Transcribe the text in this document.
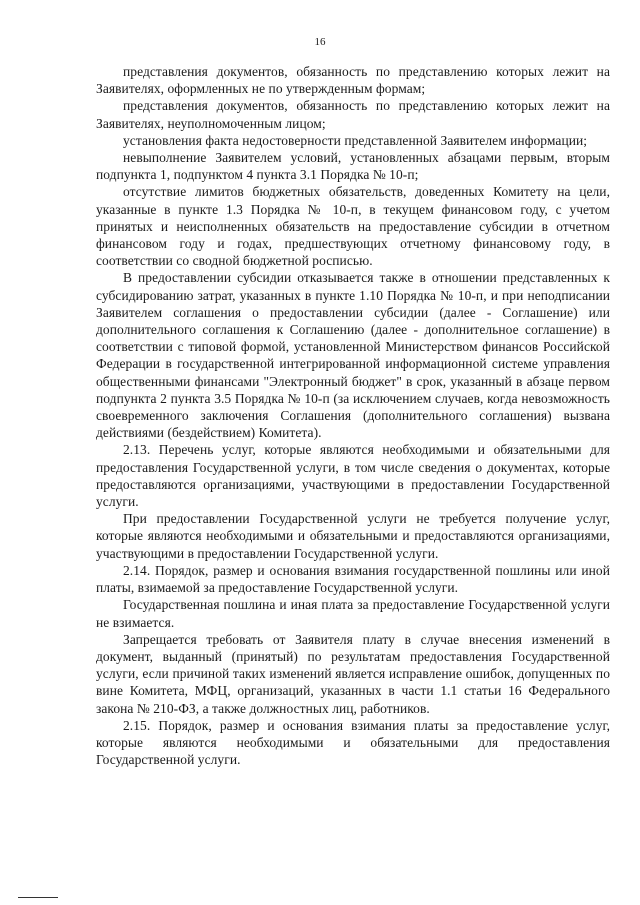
16

представления документов, обязанность по представлению которых лежит на Заявителях, оформленных не по утвержденным формам;

представления документов, обязанность по представлению которых лежит на Заявителях, неуполномоченным лицом;

установления факта недостоверности представленной Заявителем информации;

невыполнение Заявителем условий, установленных абзацами первым, вторым подпункта 1, подпунктом 4 пункта 3.1 Порядка № 10-п;

отсутствие лимитов бюджетных обязательств, доведенных Комитету на цели, указанные в пункте 1.3 Порядка № 10-п, в текущем финансовом году, с учетом принятых и неисполненных обязательств на предоставление субсидии в отчетном финансовом году и годах, предшествующих отчетному финансовому году, в соответствии со сводной бюджетной росписью.

В предоставлении субсидии отказывается также в отношении представленных к субсидированию затрат, указанных в пункте 1.10 Порядка № 10-п, и при неподписании Заявителем соглашения о предоставлении субсидии (далее - Соглашение) или дополнительного соглашения к Соглашению (далее - дополнительное соглашение) в соответствии с типовой формой, установленной Министерством финансов Российской Федерации в государственной интегрированной информационной системе управления общественными финансами "Электронный бюджет" в срок, указанный в абзаце первом подпункта 2 пункта 3.5 Порядка № 10-п (за исключением случаев, когда невозможность своевременного заключения Соглашения (дополнительного соглашения) вызвана действиями (бездействием) Комитета).

2.13. Перечень услуг, которые являются необходимыми и обязательными для предоставления Государственной услуги, в том числе сведения о документах, которые предоставляются организациями, участвующими в предоставлении Государственной услуги.

При предоставлении Государственной услуги не требуется получение услуг, которые являются необходимыми и обязательными и предоставляются организациями, участвующими в предоставлении Государственной услуги.

2.14. Порядок, размер и основания взимания государственной пошлины или иной платы, взимаемой за предоставление Государственной услуги.

Государственная пошлина и иная плата за предоставление Государственной услуги не взимается.

Запрещается требовать от Заявителя плату в случае внесения изменений в документ, выданный (принятый) по результатам предоставления Государственной услуги, если причиной таких изменений является исправление ошибок, допущенных по вине Комитета, МФЦ, организаций, указанных в части 1.1 статьи 16 Федерального закона № 210-ФЗ, а также должностных лиц, работников.

2.15. Порядок, размер и основания взимания платы за предоставление услуг, которые являются необходимыми и обязательными для предоставления Государственной услуги.
